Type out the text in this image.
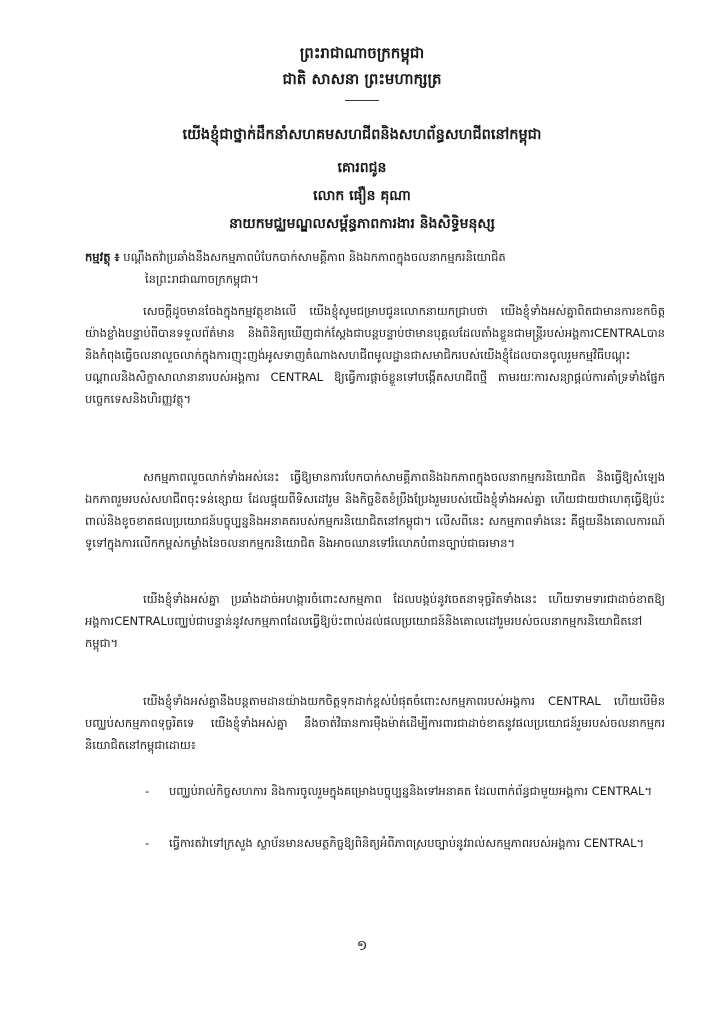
ព្រះរាជាណាចក្រកម្ពុជា
ជាតិ សាសនា ព្រះមហាក្សត្រ
យើងខ្ញុំជាថ្នាក់ដឹកនាំសហគមសហជីពនិងសហព័ន្ធសហជីពនៅកម្ពុជា
គោរពជូន
លោក ផឿន គុណា
នាយកមជ្ឈមណ្ឌលសម្ព័ន្ធភាពការងារ និងសិទ្ធិមនុស្ស
កម្មវត្ថុ ៖ បណ្តឹងតវ៉ាប្រឆាំងនឹងសកម្មភាពបំបែកបាក់សាមគ្គីភាព និងឯកភាពក្នុងចលនាកម្មករនិយោជិត
នៃព្រះរាជាណាចក្រកម្ពុជា។
សេចក្តីដូចមានចែងក្នុងកម្មវត្ថុខាងលើ យើងខ្ញុំសូមជម្រាបជូនលោកនាយកជ្រាបថា យើងខ្ញុំទាំងអស់គ្នាពិតជាមានការខកចិត្តយ៉ាងខ្លាំងបន្ទាប់ពីបានទទួលព័ត៌មាន និងពិនិត្យឃើញជាក់ស្តែងជាបន្តបន្ទាប់ថាមានបុគ្គលដែលតាំងខ្លួនជាមន្ត្រីរបស់អង្គការCENTRALបាននិងកំពុងធ្វើចលនាលួចលាក់ក្នុងការញុះញង់អូសទាញតំណាងសហជីពមូលដ្ឋានជាសមាជិករបស់យើងខ្ញុំដែលបានចូលរួមកម្មវិធីបណ្តុះបណ្តាលនិងសិក្ខាសាលានានារបស់អង្គការ CENTRAL ឱ្យធ្វើការផ្តាច់ខ្លួនទៅបង្កើតសហជីពថ្មី តាមរយៈការសន្យាផ្តល់ការគាំទ្រទាំងផ្នែកបច្ចេកទេសនិងហិរញ្ញវត្ថុ។
សកម្មភាពលួចលាក់ទាំងអស់នេះ ធ្វើឱ្យមានការបែកបាក់សាមគ្គីភាពនិងឯកភាពក្នុងចលនាកម្មករនិយោជិត និងធ្វើឱ្យសំឡេងឯកភាពរួមរបស់សហជីពចុះទន់ខ្សោយ ដែលផ្ទុយពីទិសដៅរួម និងកិច្ចខិតខំប្រឹងប្រែងរួមរបស់យើងខ្ញុំទាំងអស់គ្នា ហើយជាយថាហេតុធ្វើឱ្យប៉ះពាល់និងខូចខាតផលប្រយោជន៍បច្ចុប្បន្ននិងអនាគតរបស់កម្មករនិយោជិតនៅកម្ពុជា។ លើសពីនេះ សកម្មភាពទាំងនេះ គឺផ្ទុយនឹងគោលការណ៍ទូទៅក្នុងការលើកកម្ពស់កម្លាំងនៃចលនាកម្មករនិយោជិត និងអាចឈានទៅរំលោភបំពានច្បាប់ជាធរមាន។
យើងខ្ញុំទាំងអស់គ្នា ប្រឆាំងដាច់អហង្ការចំពោះសកម្មភាព ដែលបង្កប់នូវចេតនាទុច្ចរិតទាំងនេះ ហើយទាមទារជាដាច់ខាតឱ្យអង្គការCENTRALបញ្ឈប់ជាបន្ទាន់នូវសកម្មភាពដែលធ្វើឱ្យប៉ះពាល់ដល់ផលប្រយោជន៍និងគោលដៅរួមរបស់ចលនាកម្មករនិយោជិតនៅកម្ពុជា។
យើងខ្ញុំទាំងអស់គ្នានឹងបន្តតាមដានយ៉ាងយកចិត្តទុកដាក់ខ្ពស់បំផុតចំពោះសកម្មភាពរបស់អង្គការ CENTRAL ហើយបើមិនបញ្ឈប់សកម្មភាពទុច្ចរិតទេ យើងខ្ញុំទាំងអស់គ្នា នឹងចាត់វិធានការម៉ឺងម៉ាត់ដើម្បីការពារជាដាច់ខាតនូវផលប្រយោជន៍រួមរបស់ចលនាកម្មករនិយោជិតនៅកម្ពុជាដោយ៖
-	បញ្ឈប់រាល់កិច្ចសហការ និងការចូលរួមក្នុងគម្រោងបច្ចុប្បន្ននិងទៅអនាគត ដែលពាក់ព័ន្ធជាមួយអង្គការ CENTRAL។
-	ធ្វើការតវ៉ាទៅក្រសួង ស្ថាប័នមានសមត្ថកិច្ចឱ្យពិនិត្យអំពីភាពស្របច្បាប់នូវរាល់សកម្មភាពរបស់អង្គការ CENTRAL។
១
